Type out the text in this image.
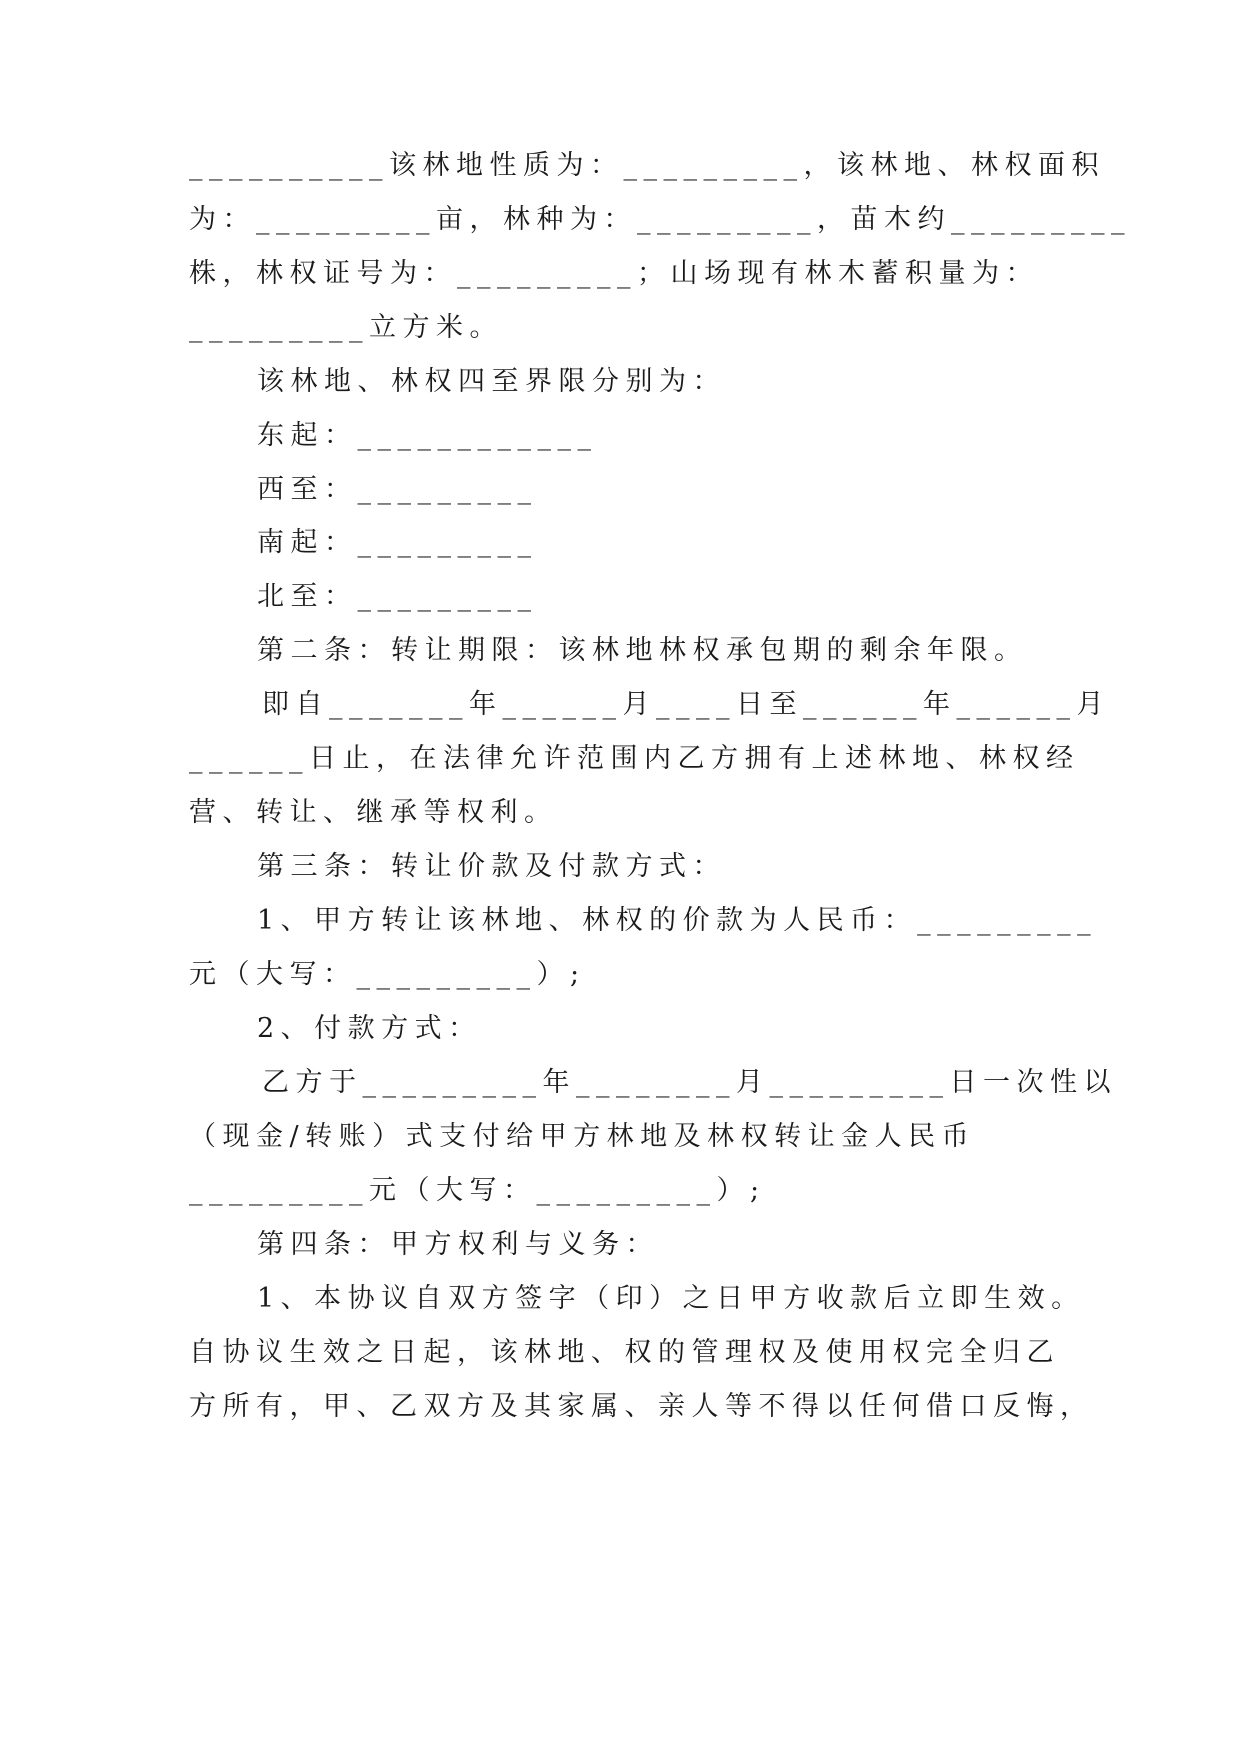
__________该林地性质为：_________，该林地、林权面积
为：_________亩，林种为：_________，苗木约_________
株，林权证号为：_________；山场现有林木蓄积量为：
_________立方米。
该林地、林权四至界限分别为：
东起：____________
西至：_________
南起：_________
北至：_________
第二条：转让期限：该林地林权承包期的剩余年限。
即自_______年______月____日至______年______月
______日止，在法律允许范围内乙方拥有上述林地、林权经
营、转让、继承等权利。
第三条：转让价款及付款方式：
1、甲方转让该林地、林权的价款为人民币：_________
元（大写：_________）;
2、付款方式：
乙方于_________年________月_________日一次性以
（现金/转账）式支付给甲方林地及林权转让金人民币
_________元（大写：_________）;
第四条：甲方权利与义务：
1、本协议自双方签字（印）之日甲方收款后立即生效。
自协议生效之日起，该林地、权的管理权及使用权完全归乙
方所有，甲、乙双方及其家属、亲人等不得以任何借口反悔，
